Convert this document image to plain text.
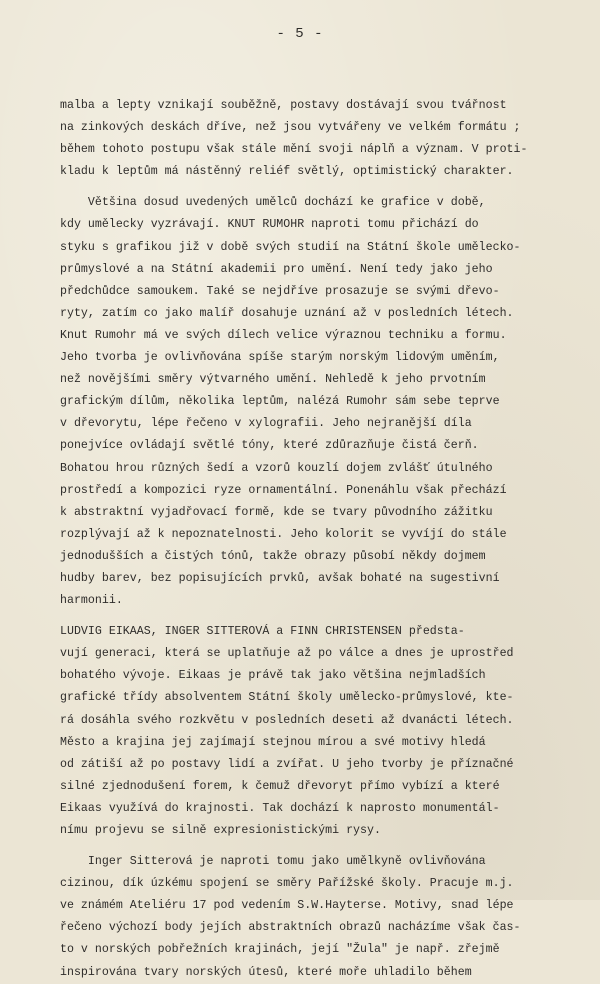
- 5 -
malba a lepty vznikají souběžně, postavy dostávají svou tvářnost
na zinkových deskách dříve, než jsou vytvářeny ve velkém formátu ;
během tohoto postupu však stále mění svoji náplň a význam. V proti-
kladu k leptům má nástěnný reliéf světlý, optimistický charakter.
Většina dosud uvedených umělců dochází ke grafice v době,
kdy umělecky vyzrávají. KNUT RUMOHR naproti tomu přichází do
styku s grafikou již v době svých studií na Státní škole umělecko-
průmyslové a na Státní akademii pro umění. Není tedy jako jeho
předchůdce samoukem. Také se nejdříve prosazuje se svými dřevo-
ryty, zatím co jako malíř dosahuje uznání až v posledních létech.
Knut Rumohr má ve svých dílech velice výraznou techniku a formu.
Jeho tvorba je ovlivňována spíše starým norským lidovým uměním,
než novějšími směry výtvarného umění. Nehledě k jeho prvotním
grafickým dílům, několika leptům, nalézá Rumohr sám sebe teprve
v dřevorytu, lépe řečeno v xylografii. Jeho nejranější díla
ponejvíce ovládají světlé tóny, které zdůrazňuje čistá čerň.
Bohatou hrou různých šedí a vzorů kouzlí dojem zvlášť útulného
prostředí a kompozici ryze ornamentální. Ponenáhlu však přechází
k abstraktní vyjadřovací formě, kde se tvary původního zážitku
rozplývají až k nepoznatelnosti. Jeho kolorit se vyvíjí do stále
jednodušších a čistých tónů, takže obrazy působí někdy dojmem
hudby barev, bez popisujících prvků, avšak bohaté na sugestivní
harmonii.
LUDVIG EIKAAS, INGER SITTEROVÁ a FINN CHRISTENSEN předsta-
vují generaci, která se uplatňuje až po válce a dnes je uprostřed
bohatého vývoje. Eikaas je právě tak jako většina nejmladších
grafické třídy absolventem Státní školy umělecko-průmyslové, kte-
rá dosáhla svého rozkvětu v posledních deseti až dvanácti létech.
Město a krajina jej zajímají stejnou mírou a své motivy hledá
od zátiší až po postavy lidí a zvířat. U jeho tvorby je příznačné
silné zjednodušení forem, k čemuž dřevoryt přímo vybízí a které
Eikaas využívá do krajnosti. Tak dochází k naprosto monumentál-
nímu projevu se silně expresionistickými rysy.
Inger Sitterová je naproti tomu jako umělkyně ovlivňována
cizinou, dík úzkému spojení se směry Pařížské školy. Pracuje m.j.
ve známém Ateliéru 17 pod vedením S.W.Hayterse. Motivy, snad lépe
řečeno výchozí body jejích abstraktních obrazů nacházíme však čas-
to v norských pobřežních krajinách, její "Žula" je např. zřejmě
inspirována tvary norských útesů, které moře uhladilo během
